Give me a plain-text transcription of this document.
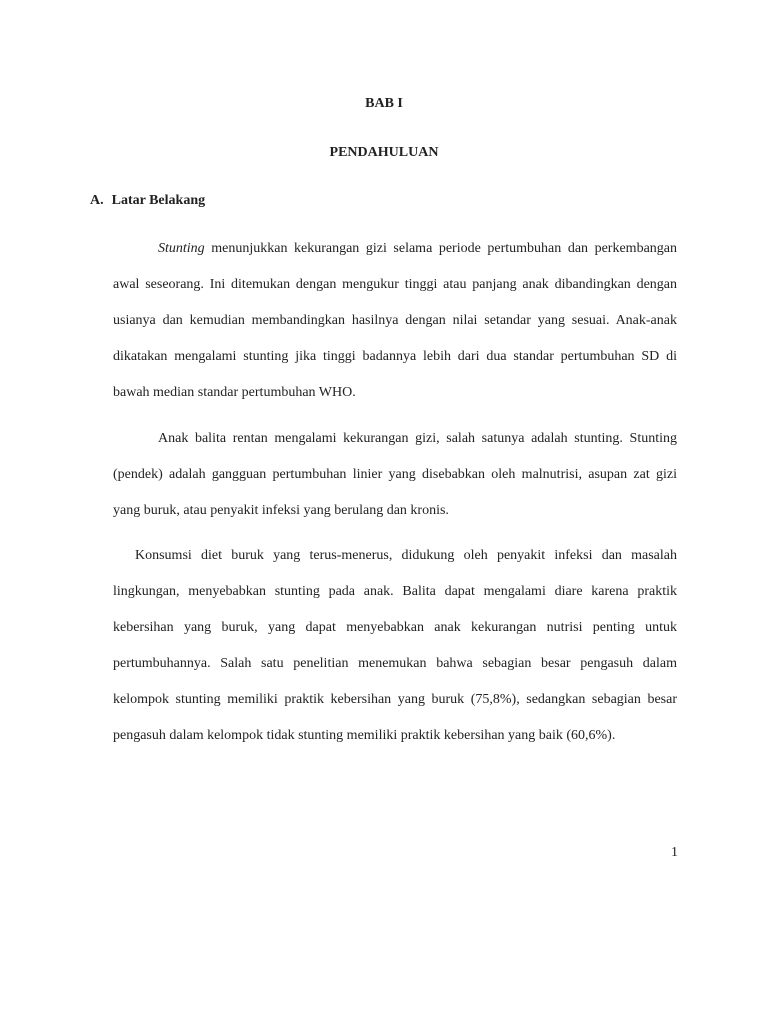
BAB I
PENDAHULUAN
A. Latar Belakang

Stunting menunjukkan kekurangan gizi selama periode pertumbuhan dan perkembangan awal seseorang. Ini ditemukan dengan mengukur tinggi atau panjang anak dibandingkan dengan usianya dan kemudian membandingkan hasilnya dengan nilai setandar yang sesuai. Anak-anak dikatakan mengalami stunting jika tinggi badannya lebih dari dua standar pertumbuhan SD di bawah median standar pertumbuhan WHO.

Anak balita rentan mengalami kekurangan gizi, salah satunya adalah stunting. Stunting (pendek) adalah gangguan pertumbuhan linier yang disebabkan oleh malnutrisi, asupan zat gizi yang buruk, atau penyakit infeksi yang berulang dan kronis.

Konsumsi diet buruk yang terus-menerus, didukung oleh penyakit infeksi dan masalah lingkungan, menyebabkan stunting pada anak. Balita dapat mengalami diare karena praktik kebersihan yang buruk, yang dapat menyebabkan anak kekurangan nutrisi penting untuk pertumbuhannya. Salah satu penelitian menemukan bahwa sebagian besar pengasuh dalam kelompok stunting memiliki praktik kebersihan yang buruk (75,8%), sedangkan sebagian besar pengasuh dalam kelompok tidak stunting memiliki praktik kebersihan yang baik (60,6%).

1
